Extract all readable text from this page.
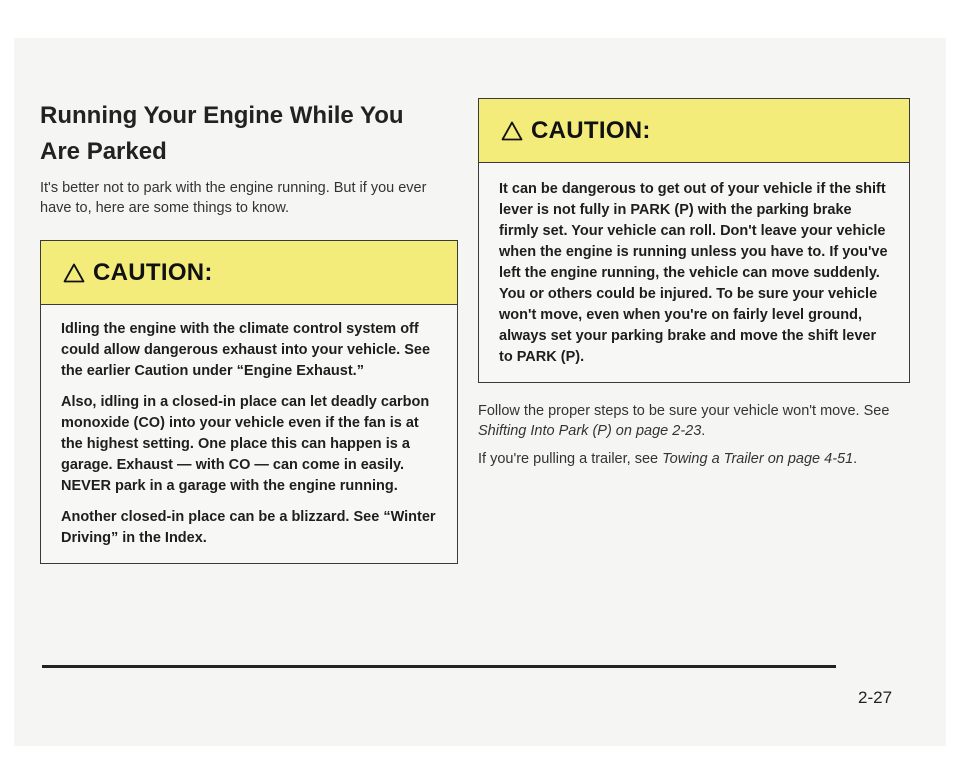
Running Your Engine While You
Are Parked

It's better not to park with the engine running. But if you ever have to, here are some things to know.

CAUTION:

Idling the engine with the climate control system off could allow dangerous exhaust into your vehicle. See the earlier Caution under “Engine Exhaust.”

Also, idling in a closed-in place can let deadly carbon monoxide (CO) into your vehicle even if the fan is at the highest setting. One place this can happen is a garage. Exhaust — with CO — can come in easily. NEVER park in a garage with the engine running.

Another closed-in place can be a blizzard. See “Winter Driving” in the Index.

CAUTION:

It can be dangerous to get out of your vehicle if the shift lever is not fully in PARK (P) with the parking brake firmly set. Your vehicle can roll. Don't leave your vehicle when the engine is running unless you have to. If you've left the engine running, the vehicle can move suddenly. You or others could be injured. To be sure your vehicle won't move, even when you're on fairly level ground, always set your parking brake and move the shift lever to PARK (P).

Follow the proper steps to be sure your vehicle won't move. See Shifting Into Park (P) on page 2-23.

If you're pulling a trailer, see Towing a Trailer on page 4-51.

2-27
